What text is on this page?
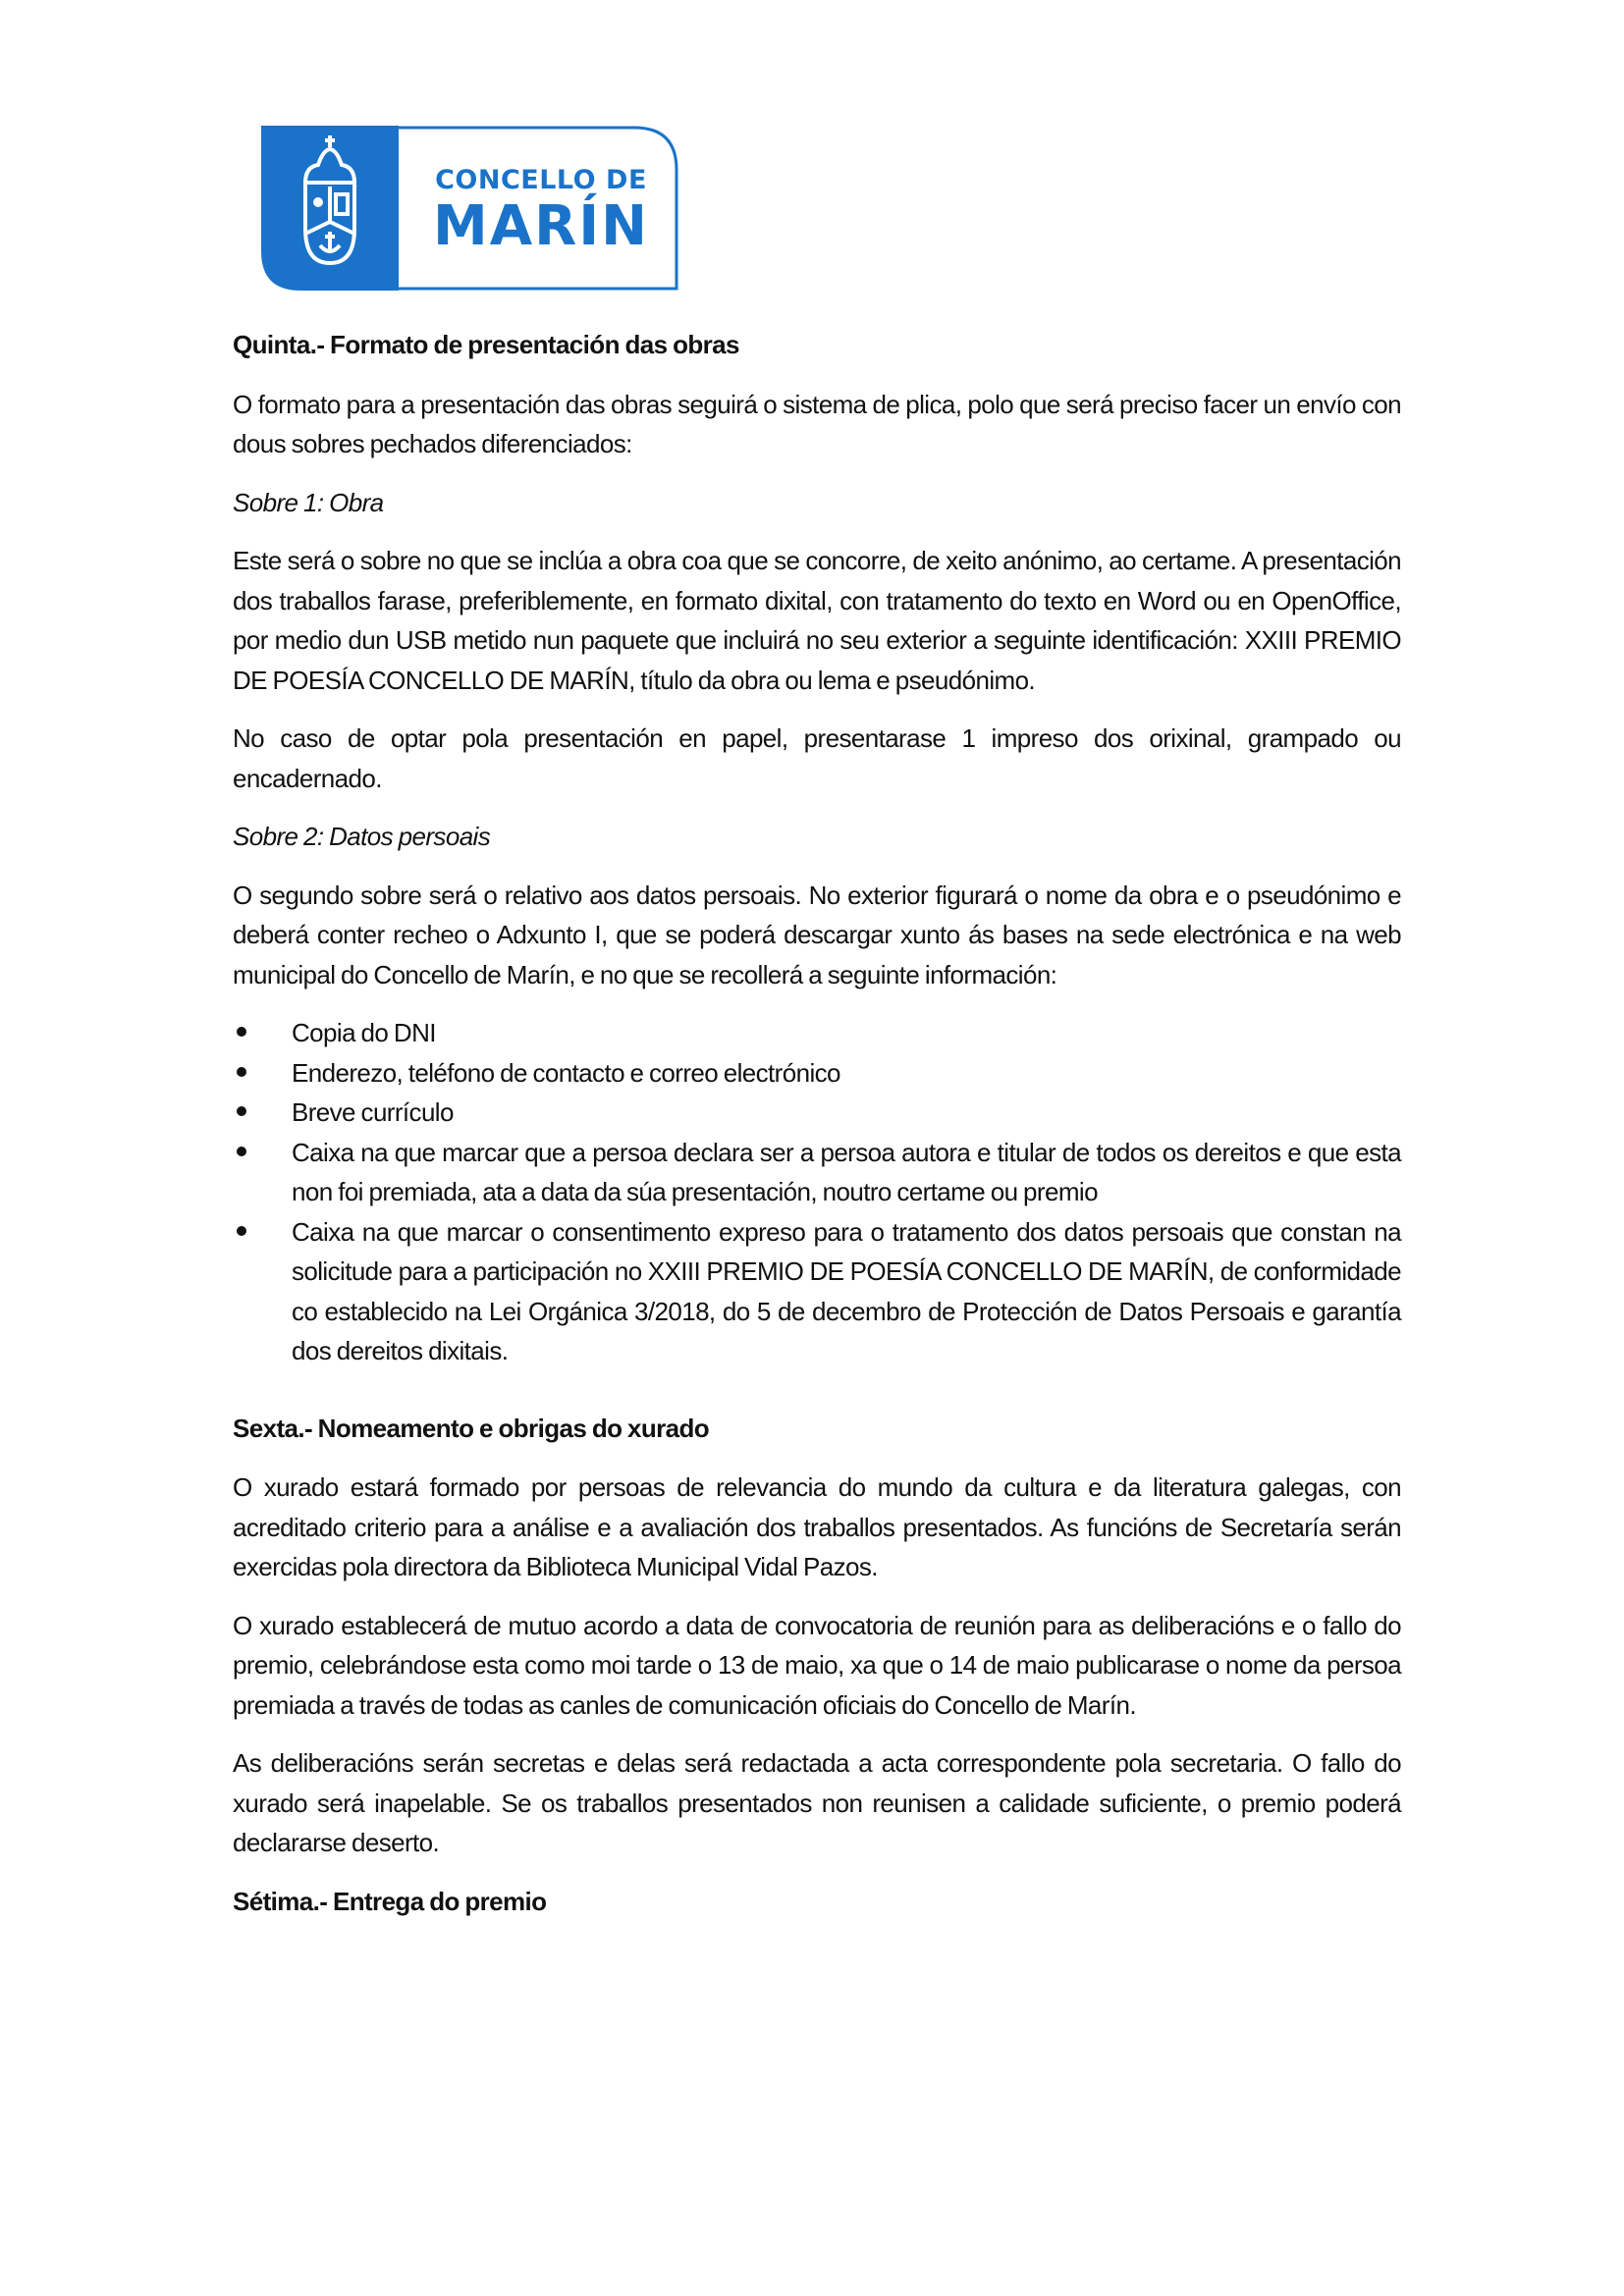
CONCELLO DE
MARÍN

Quinta.- Formato de presentación das obras

O formato para a presentación das obras seguirá o sistema de plica, polo que será preciso facer un envío con dous sobres pechados diferenciados:

Sobre 1: Obra

Este será o sobre no que se inclúa a obra coa que se concorre, de xeito anónimo, ao certame. A presentación dos traballos farase, preferiblemente, en formato dixital, con tratamento do texto en Word ou en OpenOffice, por medio dun USB metido nun paquete que incluirá no seu exterior a seguinte identificación: XXIII PREMIO DE POESÍA CONCELLO DE MARÍN, título da obra ou lema e pseudónimo.

No caso de optar pola presentación en papel, presentarase 1 impreso dos orixinal, grampado ou encadernado.

Sobre 2: Datos persoais

O segundo sobre será o relativo aos datos persoais. No exterior figurará o nome da obra e o pseudónimo e deberá conter recheo o Adxunto I, que se poderá descargar xunto ás bases na sede electrónica e na web municipal do Concello de Marín, e no que se recollerá a seguinte información:

Copia do DNI
Enderezo, teléfono de contacto e correo electrónico
Breve currículo
Caixa na que marcar que a persoa declara ser a persoa autora e titular de todos os dereitos e que esta non foi premiada, ata a data da súa presentación, noutro certame ou premio
Caixa na que marcar o consentimento expreso para o tratamento dos datos persoais que constan na solicitude para a participación no XXIII PREMIO DE POESÍA CONCELLO DE MARÍN, de conformidade co establecido na Lei Orgánica 3/2018, do 5 de decembro de Protección de Datos Persoais e garantía dos dereitos dixitais.

Sexta.- Nomeamento e obrigas do xurado

O xurado estará formado por persoas de relevancia do mundo da cultura e da literatura galegas, con acreditado criterio para a análise e a avaliación dos traballos presentados. As funcións de Secretaría serán exercidas pola directora da Biblioteca Municipal Vidal Pazos.

O xurado establecerá de mutuo acordo a data de convocatoria de reunión para as deliberacións e o fallo do premio, celebrándose esta como moi tarde o 13 de maio, xa que o 14 de maio publicarase o nome da persoa premiada a través de todas as canles de comunicación oficiais do Concello de Marín.

As deliberacións serán secretas e delas será redactada a acta correspondente pola secretaria. O fallo do xurado será inapelable. Se os traballos presentados non reunisen a calidade suficiente, o premio poderá declararse deserto.

Sétima.- Entrega do premio
